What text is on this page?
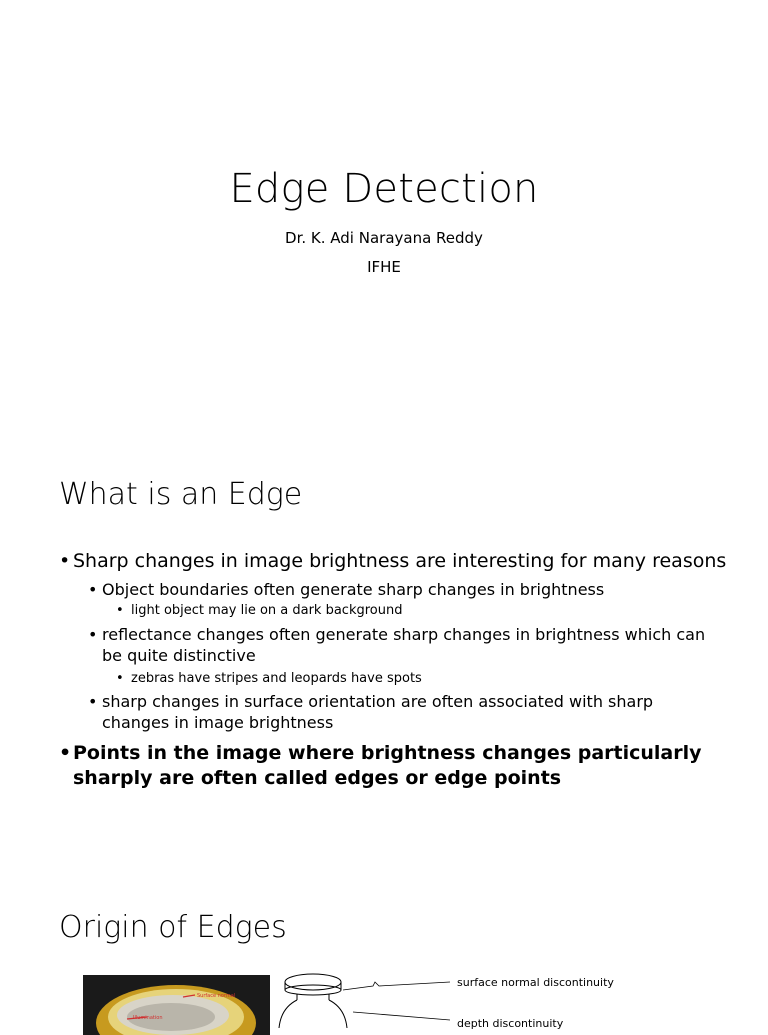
Edge Detection
Dr. K. Adi Narayana Reddy
IFHE
What is an Edge
• Sharp changes in image brightness are interesting for many reasons
• Object boundaries often generate sharp changes in brightness
• light object may lie on a dark background
• reflectance changes often generate sharp changes in brightness which can be quite distinctive
• zebras have stripes and leopards have spots
• sharp changes in surface orientation are often associated with sharp changes in image brightness
• Points in the image where brightness changes particularly sharply are often called edges or edge points
Origin of Edges
Surface normal
Illumination
surface normal discontinuity
depth discontinuity
